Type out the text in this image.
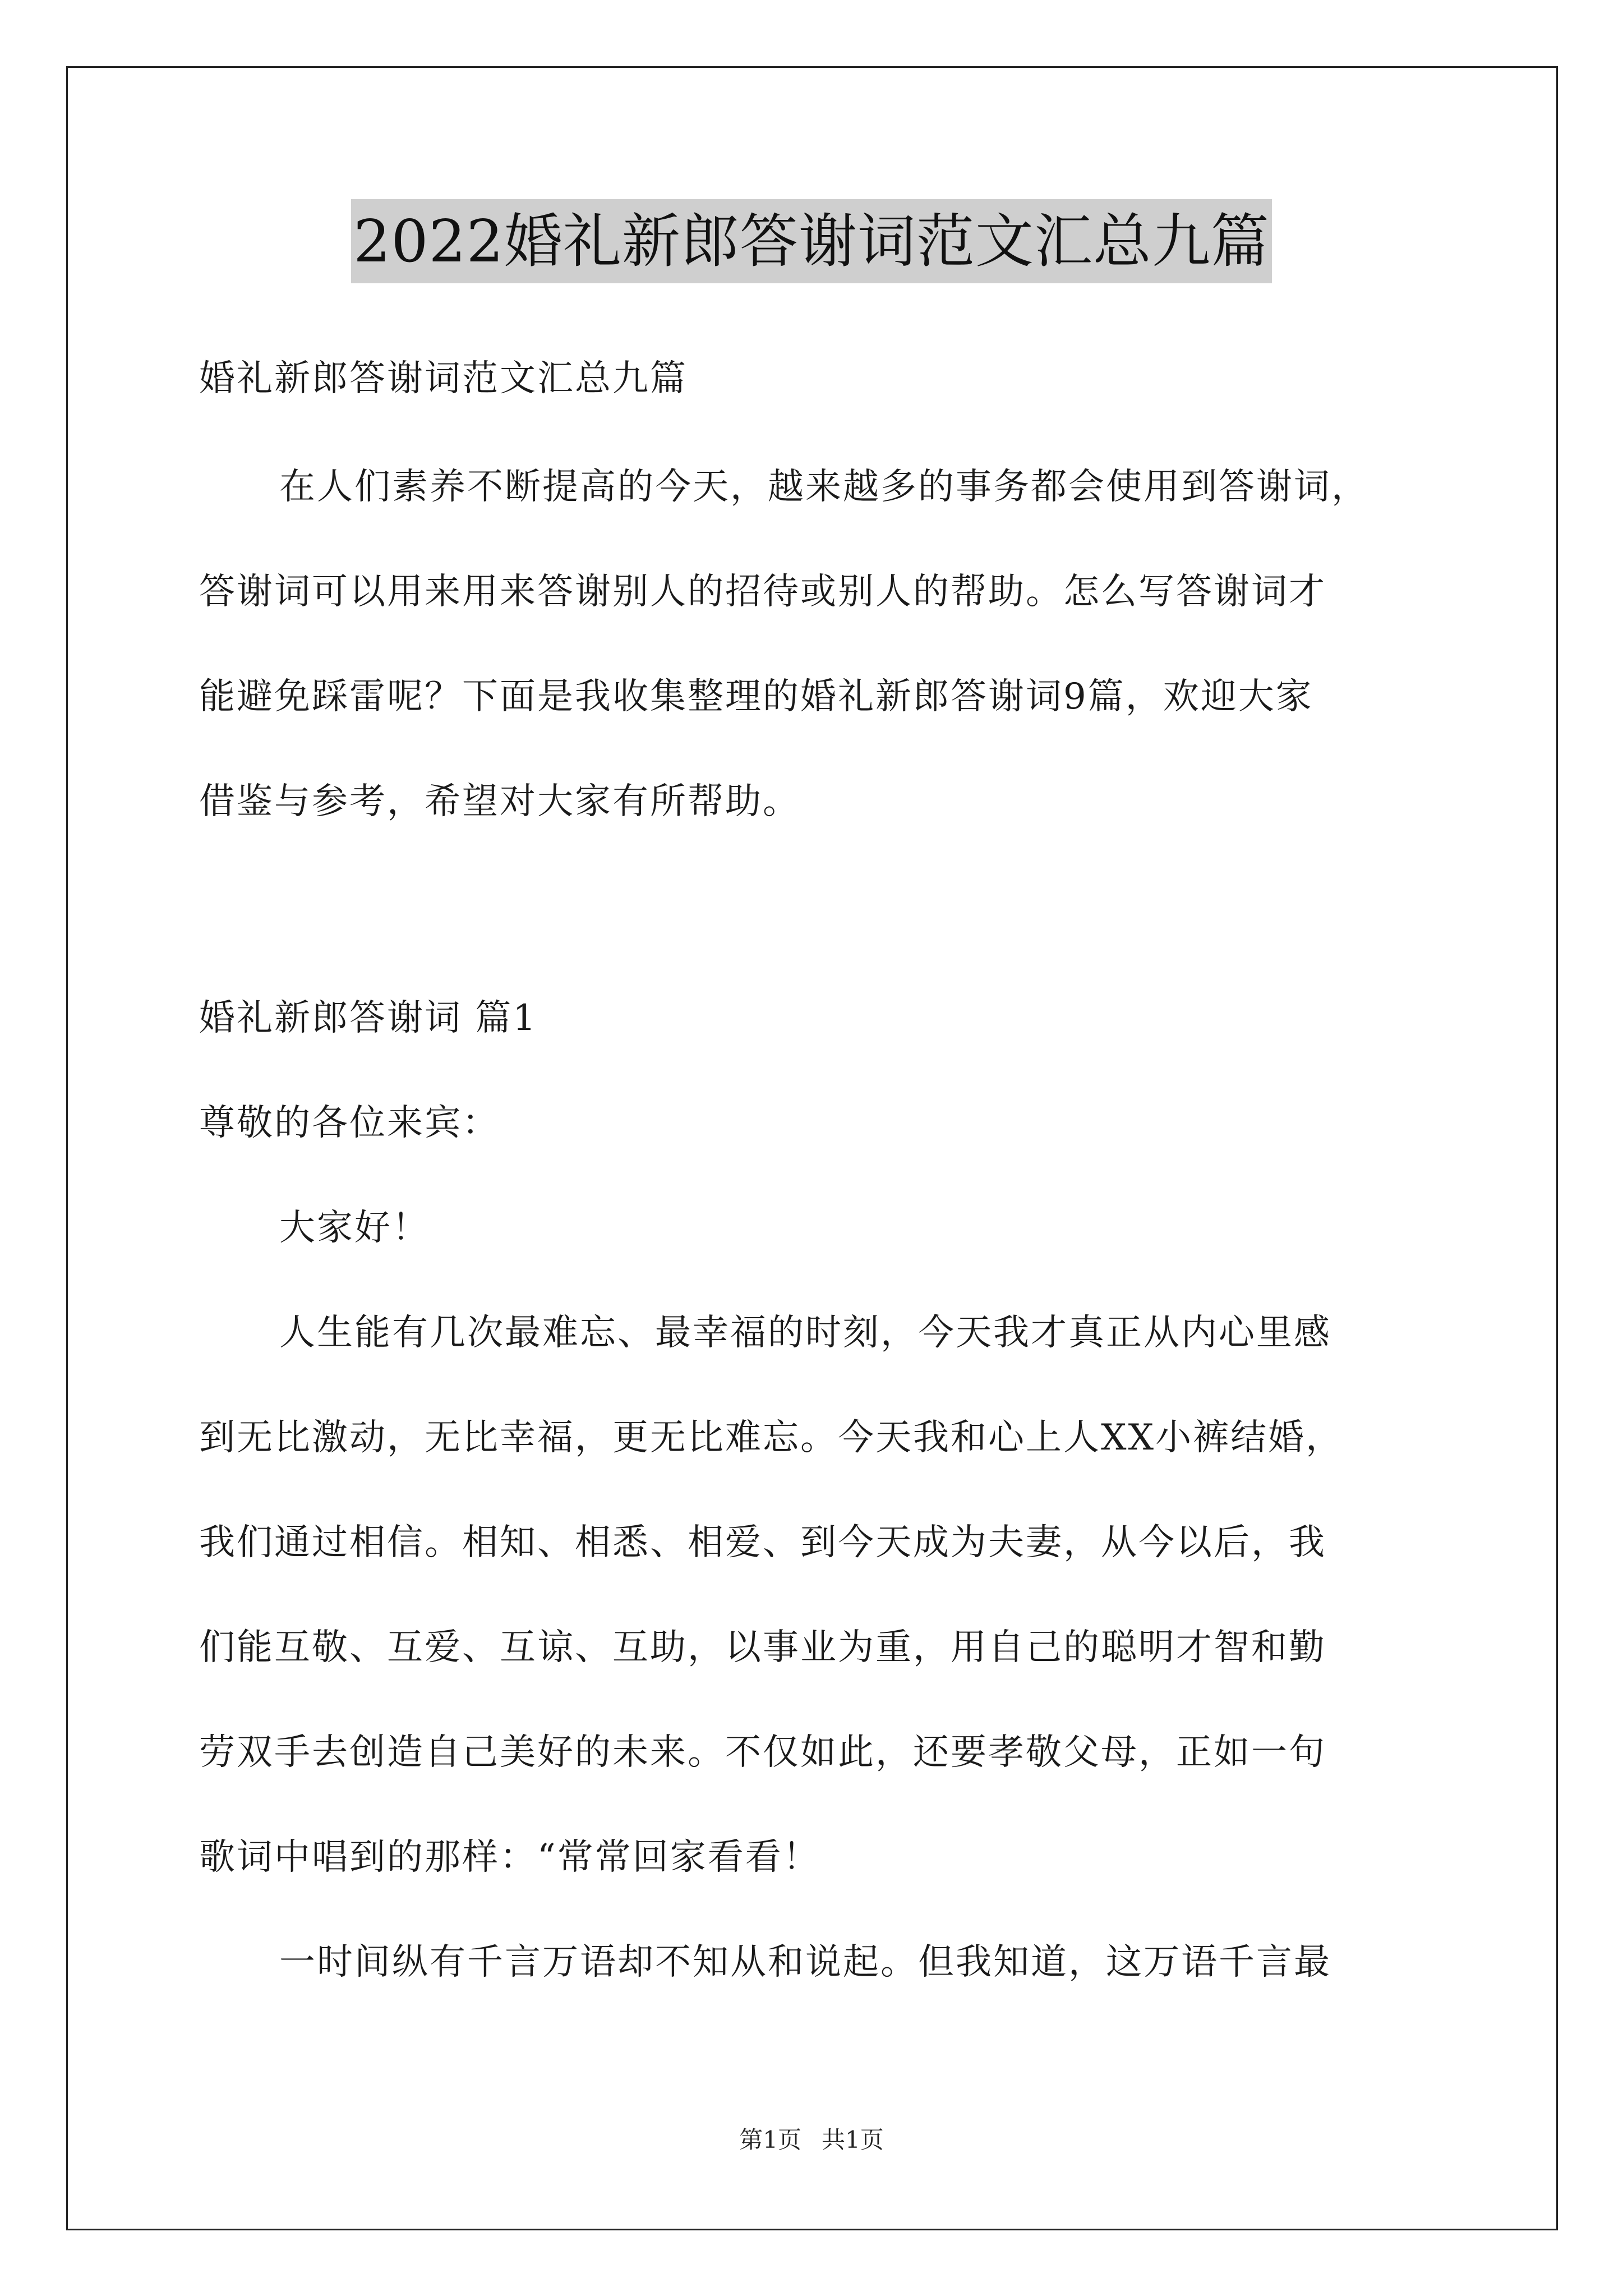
2022婚礼新郎答谢词范文汇总九篇
婚礼新郎答谢词范文汇总九篇
在人们素养不断提高的今天，越来越多的事务都会使用到答谢词，
答谢词可以用来用来答谢别人的招待或别人的帮助。怎么写答谢词才
能避免踩雷呢？下面是我收集整理的婚礼新郎答谢词9篇，欢迎大家
借鉴与参考，希望对大家有所帮助。
婚礼新郎答谢词 篇1
尊敬的各位来宾：
大家好！
人生能有几次最难忘、最幸福的时刻，今天我才真正从内心里感
到无比激动，无比幸福，更无比难忘。今天我和心上人XX小裤结婚，
我们通过相信。相知、相悉、相爱、到今天成为夫妻，从今以后，我
们能互敬、互爱、互谅、互助，以事业为重，用自己的聪明才智和勤
劳双手去创造自己美好的未来。不仅如此，还要孝敬父母，正如一句
歌词中唱到的那样：“常常回家看看！
一时间纵有千言万语却不知从和说起。但我知道，这万语千言最
第1页 共1页
